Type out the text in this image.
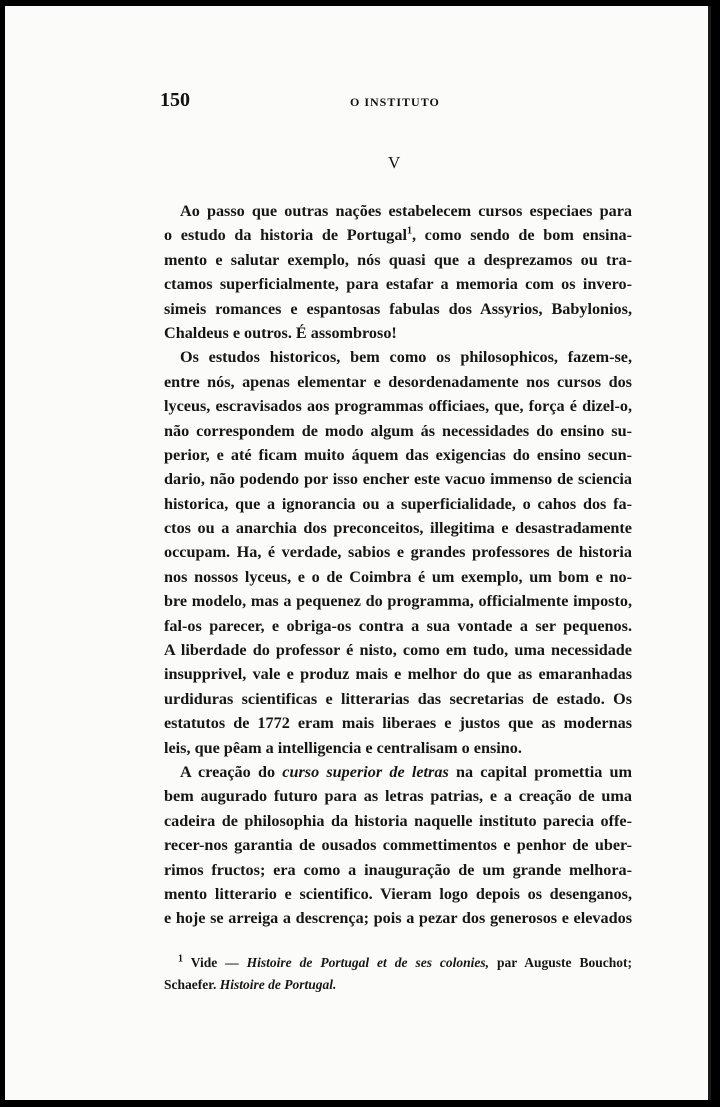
150	O INSTITUTO
V
Ao passo que outras nações estabelecem cursos especiaes para
o estudo da historia de Portugal$^1$, como sendo de bom ensina-
mento e salutar exemplo, nós quasi que a desprezamos ou tra-
ctamos superficialmente, para estafar a memoria com os invero-
simeis romances e espantosas fabulas dos Assyrios, Babylonios,
Chaldeus e outros. É assombroso!
Os estudos historicos, bem como os philosophicos, fazem-se,
entre nós, apenas elementar e desordenadamente nos cursos dos
lyceus, escravisados aos programmas officiaes, que, força é dizel-o,
não correspondem de modo algum ás necessidades do ensino su-
perior, e até ficam muito áquem das exigencias do ensino secun-
dario, não podendo por isso encher este vacuo immenso de sciencia
historica, que a ignorancia ou a superficialidade, o cahos dos fa-
ctos ou a anarchia dos preconceitos, illegitima e desastradamente
occupam. Ha, é verdade, sabios e grandes professores de historia
nos nossos lyceus, e o de Coimbra é um exemplo, um bom e no-
bre modelo, mas a pequenez do programma, officialmente imposto,
fal-os parecer, e obriga-os contra a sua vontade a ser pequenos.
A liberdade do professor é nisto, como em tudo, uma necessidade
insupprivel, vale e produz mais e melhor do que as emaranhadas
urdiduras scientificas e litterarias das secretarias de estado. Os
estatutos de 1772 eram mais liberaes e justos que as modernas
leis, que pêam a intelligencia e centralisam o ensino.
A creação do curso superior de letras na capital promettia um
bem augurado futuro para as letras patrias, e a creação de uma
cadeira de philosophia da historia naquelle instituto parecia offe-
recer-nos garantia de ousados commettimentos e penhor de uber-
rimos fructos; era como a inauguração de um grande melhora-
mento litterario e scientifico. Vieram logo depois os desenganos,
e hoje se arreiga a descrença; pois a pezar dos generosos e elevados
$^1$ Vide — Histoire de Portugal et de ses colonies, par Auguste Bouchot;
Schaefer. Histoire de Portugal.
